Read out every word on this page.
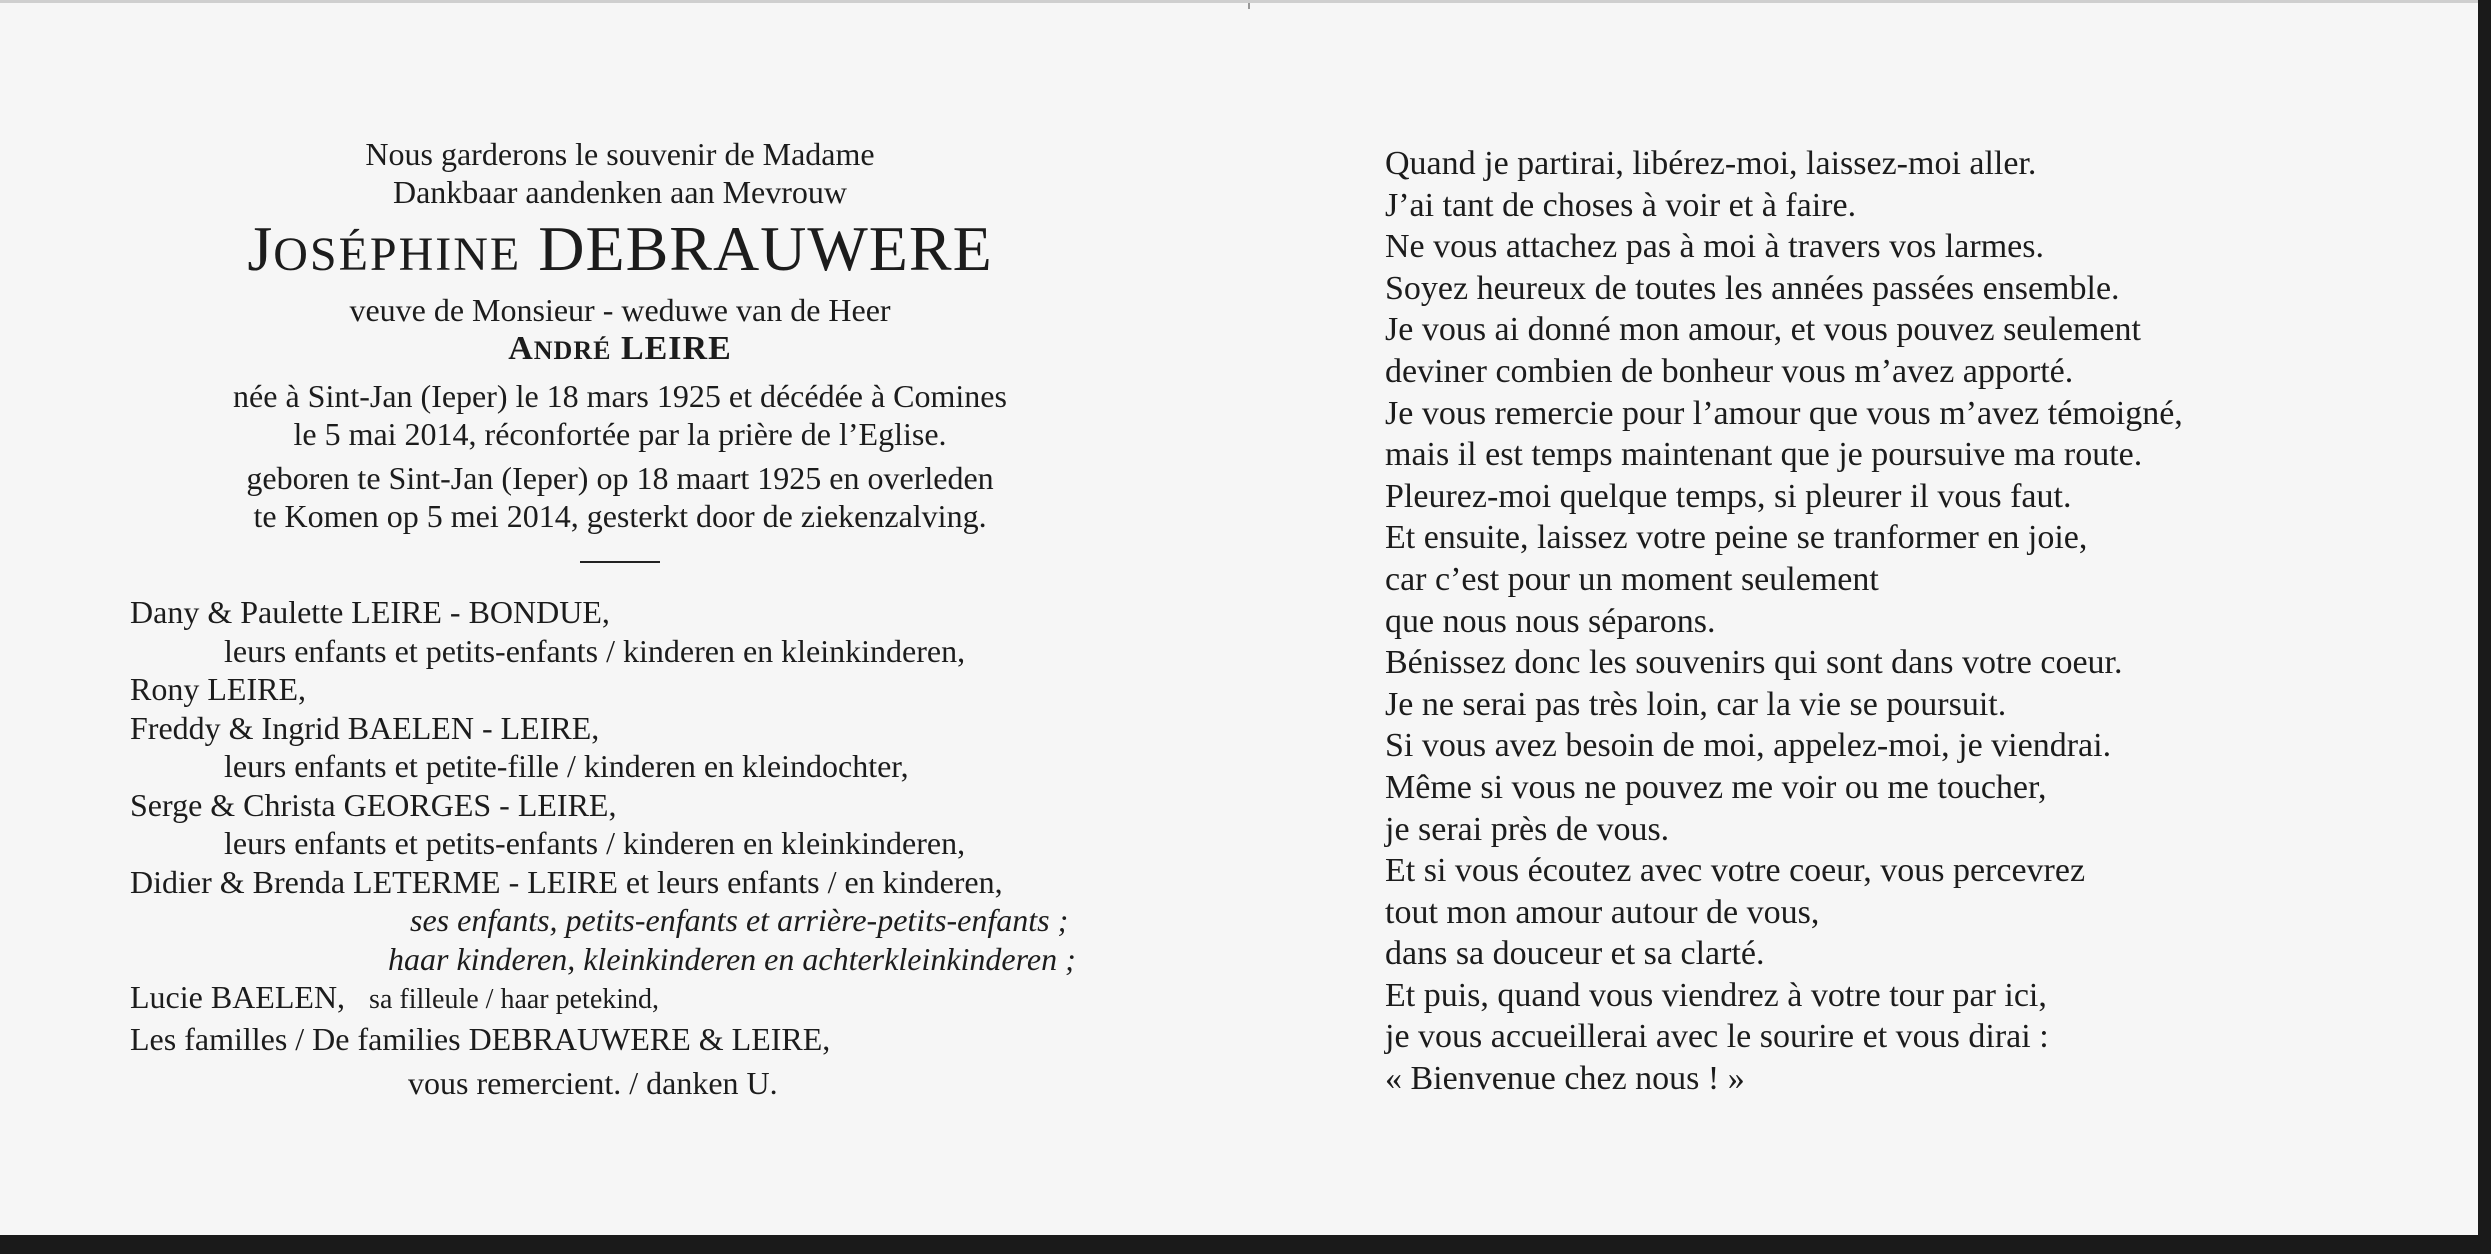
Nous garderons le souvenir de Madame
Dankbaar aandenken aan Mevrouw
JOSÉPHINE DEBRAUWERE
veuve de Monsieur - weduwe van de Heer
ANDRÉ LEIRE
née à Sint-Jan (Ieper) le 18 mars 1925 et décédée à Comines
le 5 mai 2014, réconfortée par la prière de l’Eglise.
geboren te Sint-Jan (Ieper) op 18 maart 1925 en overleden
te Komen op 5 mei 2014, gesterkt door de ziekenzalving.
Dany & Paulette LEIRE - BONDUE,
leurs enfants et petits-enfants / kinderen en kleinkinderen,
Rony LEIRE,
Freddy & Ingrid BAELEN - LEIRE,
leurs enfants et petite-fille / kinderen en kleindochter,
Serge & Christa GEORGES - LEIRE,
leurs enfants et petits-enfants / kinderen en kleinkinderen,
Didier & Brenda LETERME - LEIRE et leurs enfants / en kinderen,
ses enfants, petits-enfants et arrière-petits-enfants ;
haar kinderen, kleinkinderen en achterkleinkinderen ;
Lucie BAELEN, sa filleule / haar petekind,
Les familles / De families DEBRAUWERE & LEIRE,
vous remercient. / danken U.
Quand je partirai, libérez-moi, laissez-moi aller.
J’ai tant de choses à voir et à faire.
Ne vous attachez pas à moi à travers vos larmes.
Soyez heureux de toutes les années passées ensemble.
Je vous ai donné mon amour, et vous pouvez seulement
deviner combien de bonheur vous m’avez apporté.
Je vous remercie pour l’amour que vous m’avez témoigné,
mais il est temps maintenant que je poursuive ma route.
Pleurez-moi quelque temps, si pleurer il vous faut.
Et ensuite, laissez votre peine se tranformer en joie,
car c’est pour un moment seulement
que nous nous séparons.
Bénissez donc les souvenirs qui sont dans votre coeur.
Je ne serai pas très loin, car la vie se poursuit.
Si vous avez besoin de moi, appelez-moi, je viendrai.
Même si vous ne pouvez me voir ou me toucher,
je serai près de vous.
Et si vous écoutez avec votre coeur, vous percevrez
tout mon amour autour de vous,
dans sa douceur et sa clarté.
Et puis, quand vous viendrez à votre tour par ici,
je vous accueillerai avec le sourire et vous dirai :
« Bienvenue chez nous ! »
